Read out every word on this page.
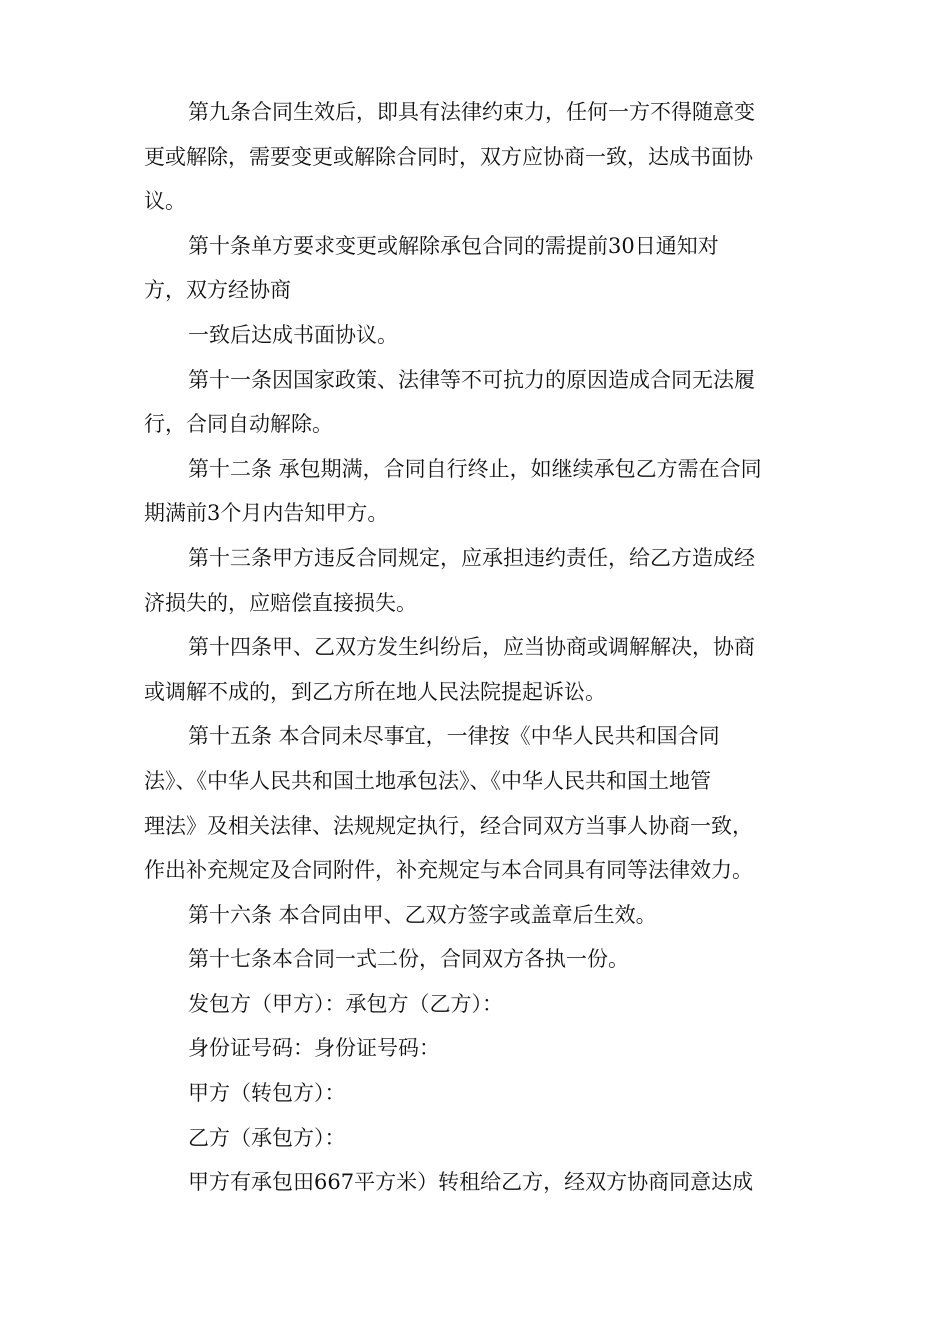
第九条合同生效后，即具有法律约束力，任何一方不得随意变
更或解除，需要变更或解除合同时，双方应协商一致，达成书面协
议。
第十条单方要求变更或解除承包合同的需提前30日通知对
方，双方经协商
一致后达成书面协议。
第十一条因国家政策、法律等不可抗力的原因造成合同无法履
行，合同自动解除。
第十二条 承包期满，合同自行终止，如继续承包乙方需在合同
期满前3个月内告知甲方。
第十三条甲方违反合同规定，应承担违约责任，给乙方造成经
济损失的，应赔偿直接损失。
第十四条甲、乙双方发生纠纷后，应当协商或调解解决，协商
或调解不成的，到乙方所在地人民法院提起诉讼。
第十五条 本合同未尽事宜，一律按《中华人民共和国合同
法》、《中华人民共和国土地承包法》、《中华人民共和国土地管
理法》及相关法律、法规规定执行，经合同双方当事人协商一致，
作出补充规定及合同附件，补充规定与本合同具有同等法律效力。
第十六条 本合同由甲、乙双方签字或盖章后生效。
第十七条本合同一式二份，合同双方各执一份。
发包方（甲方）：承包方（乙方）：
身份证号码：身份证号码：
甲方（转包方）：
乙方（承包方）：
甲方有承包田667平方米）转租给乙方，经双方协商同意达成
